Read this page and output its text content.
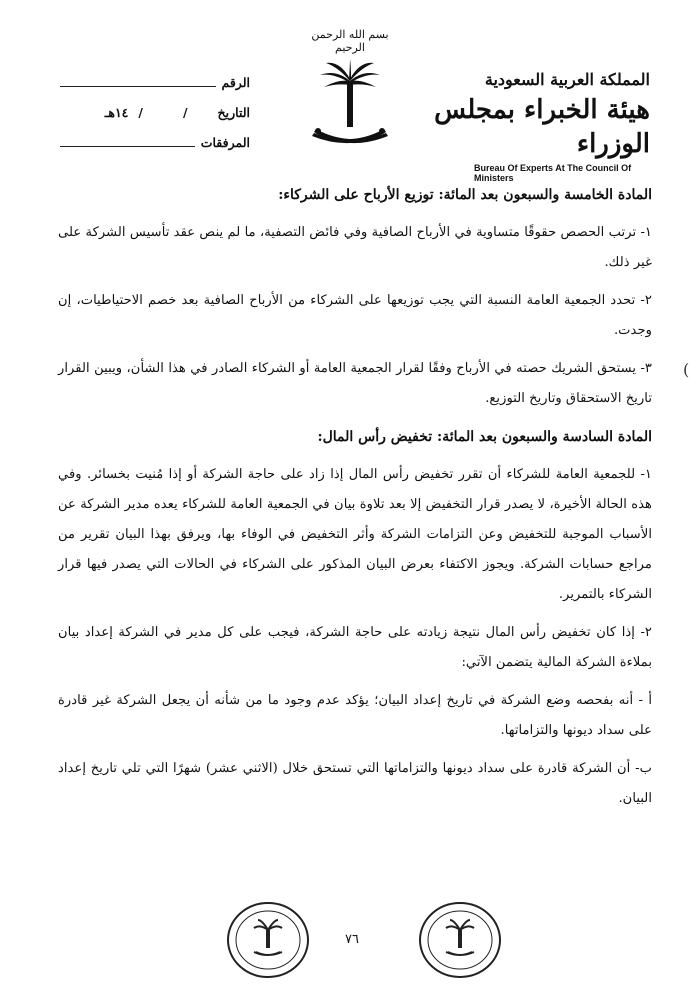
بسم الله الرحمن الرحيم
الرقم
التاريخ
/
/
١٤هـ
المرفقات
المملكة العربية السعودية
هيئة الخبراء بمجلس الوزراء
Bureau Of Experts At The Council Of Ministers

المادة الخامسة والسبعون بعد المائة: توزيع الأرباح على الشركاء:

١- ترتب الحصص حقوقًا متساوية في الأرباح الصافية وفي فائض التصفية، ما لم ينص عقد تأسيس الشركة على غير ذلك.

٢- تحدد الجمعية العامة النسبة التي يجب توزيعها على الشركاء من الأرباح الصافية بعد خصم الاحتياطيات، إن وجدت.

٣- يستحق الشريك حصته في الأرباح وفقًا لقرار الجمعية العامة أو الشركاء الصادر في هذا الشأن، ويبين القرار تاريخ الاستحقاق وتاريخ التوزيع.

المادة السادسة والسبعون بعد المائة: تخفيض رأس المال:

١- للجمعية العامة للشركاء أن تقرر تخفيض رأس المال إذا زاد على حاجة الشركة أو إذا مُنيت بخسائر. وفي هذه الحالة الأخيرة، لا يصدر قرار التخفيض إلا بعد تلاوة بيان في الجمعية العامة للشركاء يعده مدير الشركة عن الأسباب الموجبة للتخفيض وعن التزامات الشركة وأثر التخفيض في الوفاء بها، ويرفق بهذا البيان تقرير من مراجع حسابات الشركة. ويجوز الاكتفاء بعرض البيان المذكور على الشركاء في الحالات التي يصدر فيها قرار الشركاء بالتمرير.

٢- إذا كان تخفيض رأس المال نتيجة زيادته على حاجة الشركة، فيجب على كل مدير في الشركة إعداد بيان بملاءة الشركة المالية يتضمن الآتي:

أ - أنه بفحصه وضع الشركة في تاريخ إعداد البيان؛ يؤكد عدم وجود ما من شأنه أن يجعل الشركة غير قادرة على سداد ديونها والتزاماتها.

ب- أن الشركة قادرة على سداد ديونها والتزاماتها التي تستحق خلال (الاثني عشر) شهرًا التي تلي تاريخ إعداد البيان.

(
٧٦
